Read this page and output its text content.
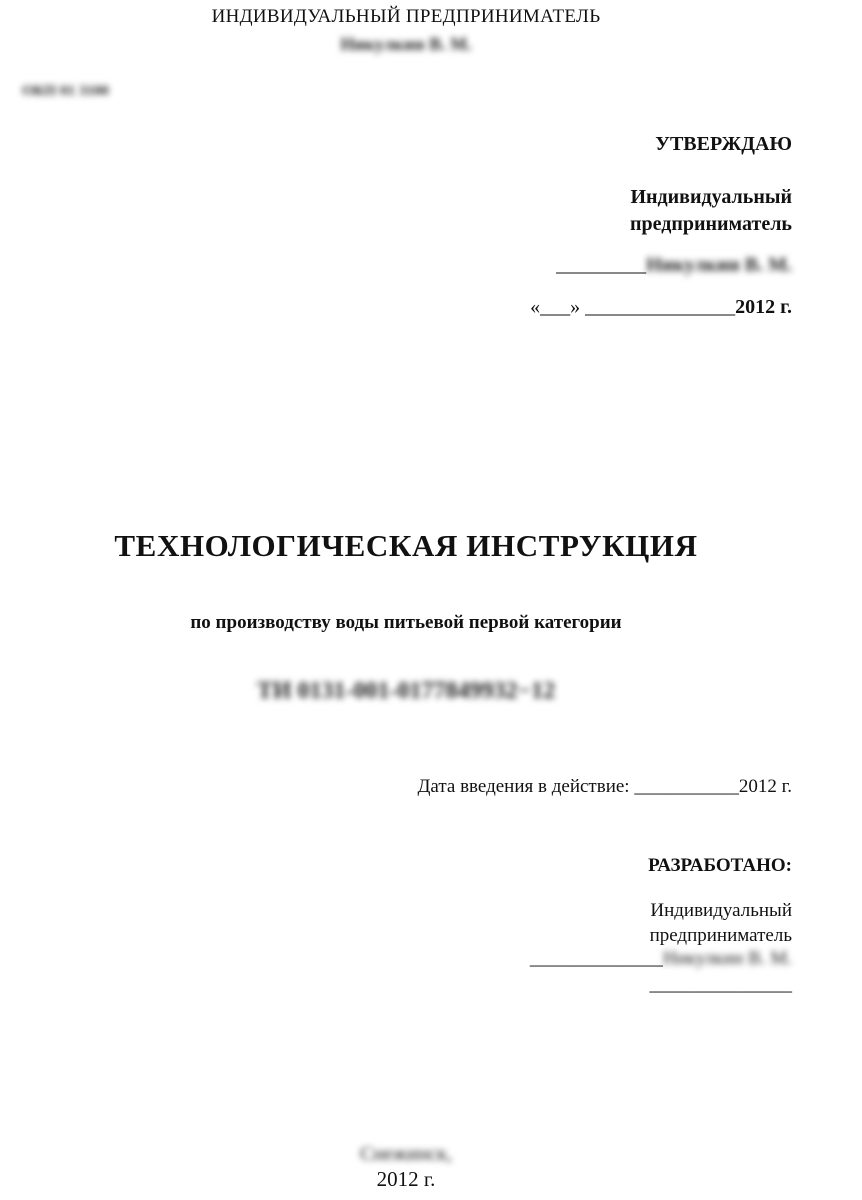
ИНДИВИДУАЛЬНЫЙ ПРЕДПРИНИМАТЕЛЬ
Никулкин В. М.
ОКП 01 3100
УТВЕРЖДАЮ
Индивидуальный
предприниматель
_________Никулкин В. М.
«___» _______________2012 г.
ТЕХНОЛОГИЧЕСКАЯ ИНСТРУКЦИЯ
по производству воды питьевой первой категории
ТИ 0131-001-0177849932−12
Дата введения в действие: ___________2012 г.
РАЗРАБОТАНО:
Индивидуальный
предприниматель
______________Никулкин В. М.
_______________
Снежинск,
2012 г.
